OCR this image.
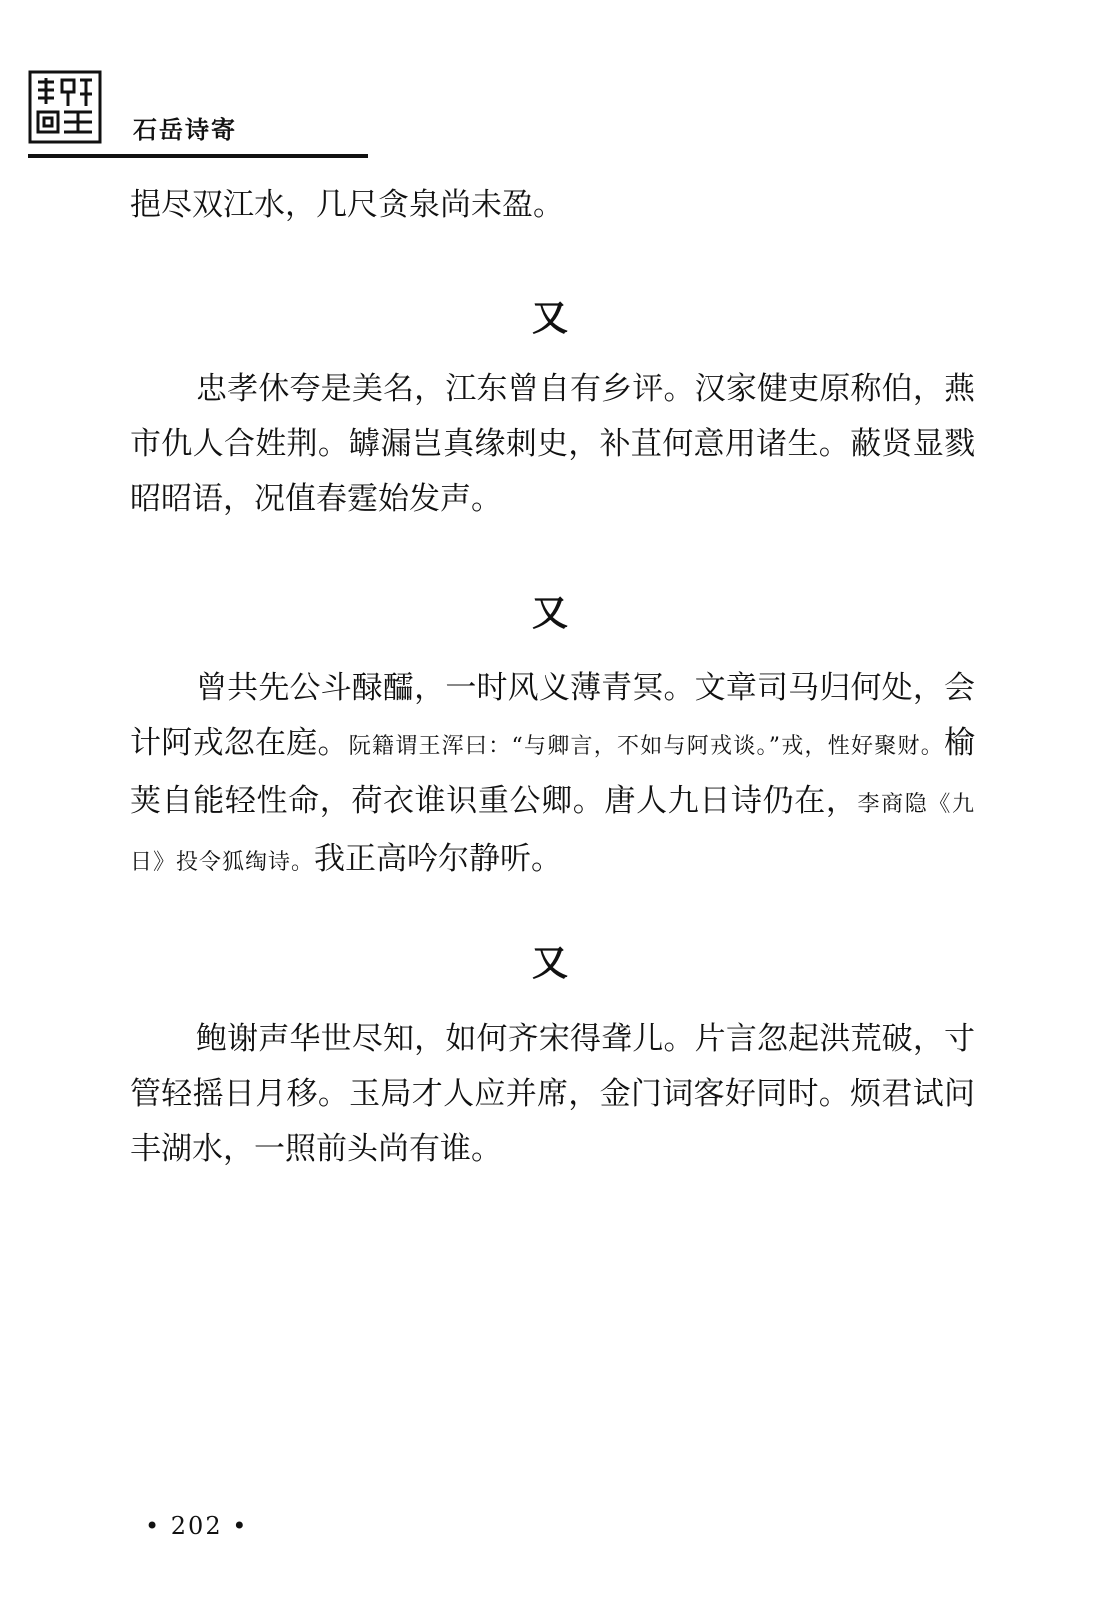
石岳诗寄

挹尽双江水，几尺贪泉尚未盈。

又

忠孝休夸是美名，江东曾自有乡评。汉家健吏原称伯，燕市仇人合姓荆。罅漏岂真缘刺史，补苴何意用诸生。蔽贤显戮昭昭语，况值春霆始发声。

又

曾共先公斗醁醽，一时风义薄青冥。文章司马归何处，会计阿戎忽在庭。阮籍谓王浑曰：“与卿言，不如与阿戎谈。”戎，性好聚财。榆荚自能轻性命，荷衣谁识重公卿。唐人九日诗仍在，李商隐《九日》投令狐绹诗。我正高吟尔静听。

又

鲍谢声华世尽知，如何齐宋得聋儿。片言忽起洪荒破，寸管轻摇日月移。玉局才人应并席，金门词客好同时。烦君试问丰湖水，一照前头尚有谁。

• 202 •
